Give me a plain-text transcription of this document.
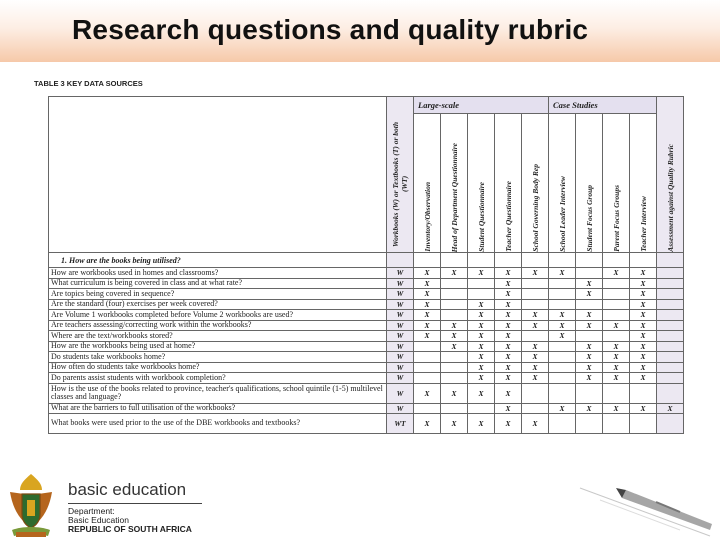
Research questions and quality rubric
TABLE 3 KEY DATA SOURCES

	Workbooks (W) or Textbooks (T) or both (WT)	Large-scale					Case Studies				Assessment against Quality Rubric

		Inventory/Observation	Head of Department Questionnaire	Student Questionnaire	Teacher Questionnaire	School Governing Body Rep	School Leader Interview	Student Focus Group	Parent Focus Groups	Teacher Interview	

1. How are the books being utilised?											
How are workbooks used in homes and classrooms?	W	X	X	X	X	X	X		X	X	
What curriculum is being covered in class and at what rate?	W	X			X			X		X	
Are topics being covered in sequence?	W	X			X			X		X	
Are the standard (four) exercises per week covered?	W	X		X	X					X	
Are Volume 1 workbooks completed before Volume 2 workbooks are used?	W	X		X	X	X	X	X		X	
Are teachers assessing/correcting work within the workbooks?	W	X	X	X	X	X	X	X	X	X	
Where are the text/workbooks stored?	W	X	X	X	X		X			X	
How are the workbooks being used at home?	W		X	X	X	X		X	X	X	
Do students take workbooks home?	W			X	X	X		X	X	X	
How often do students take workbooks home?	W			X	X	X		X	X	X	
Do parents assist students with workbook completion?	W			X	X	X		X	X	X	
How is the use of the books related to province, teacher's qualifications, school quintile (1-5) multilevel classes and language?	W	X	X	X	X						
What are the barriers to full utilisation of the workbooks?	W				X		X	X	X	X	X
What books were used prior to the use of the DBE workbooks and textbooks?	WT	X	X	X	X	X					
basic education
Department:
Basic Education
REPUBLIC OF SOUTH AFRICA
